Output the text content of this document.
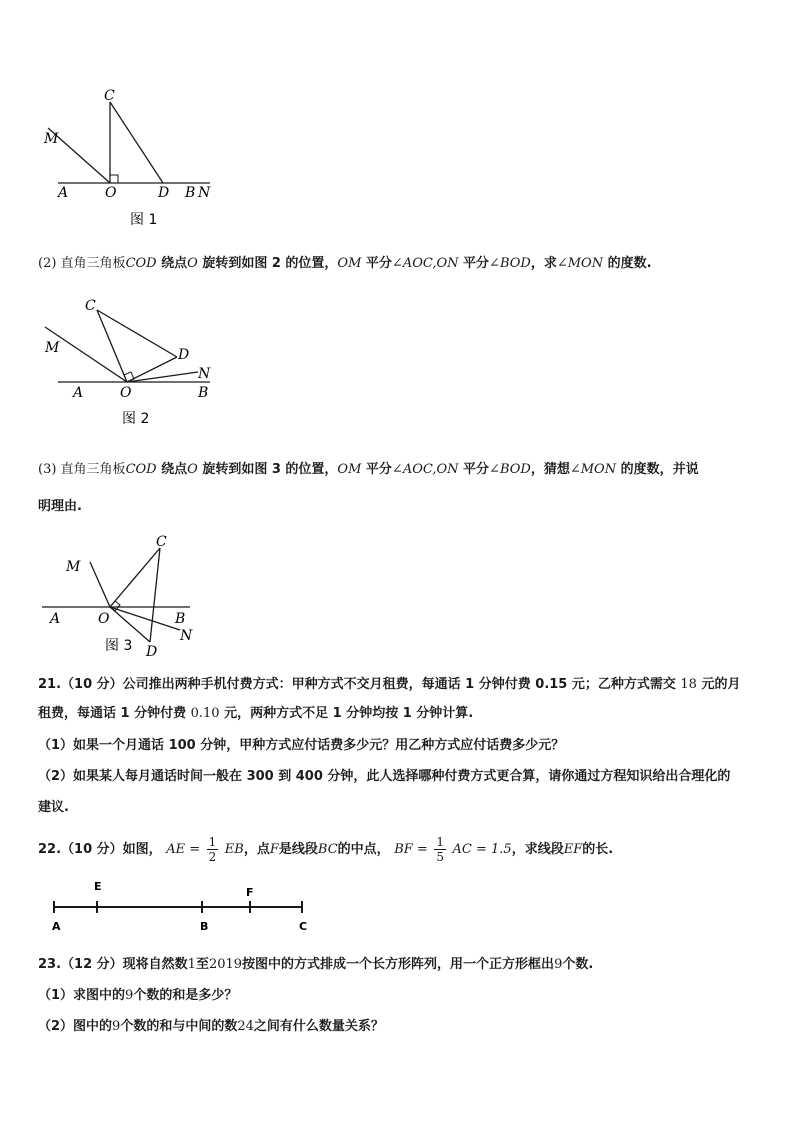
C
M
A	O	D B N
图 1
(2) 直角三角板COD 绕点O 旋转到如图 2 的位置，OM 平分∠AOC,ON 平分∠BOD，求∠MON 的度数.
C
M	D
N
A	O	B
图 2
(3) 直角三角板COD 绕点O 旋转到如图 3 的位置，OM 平分∠AOC,ON 平分∠BOD，猜想∠MON 的度数，并说
明理由.
C
M
A	O	B
N
D
图 3
21.（10 分）公司推出两种手机付费方式：甲种方式不交月租费，每通话 1 分钟付费 0.15 元；乙种方式需交 18 元的月
租费，每通话 1 分钟付费 0.10 元，两种方式不足 1 分钟均按 1 分钟计算.
（1）如果一个月通话 100 分钟，甲种方式应付话费多少元？用乙种方式应付话费多少元？
（2）如果某人每月通话时间一般在 300 到 400 分钟，此人选择哪种付费方式更合算，请你通过方程知识给出合理化的
建议.
22.（10 分）如图， AE = $\frac{1}{2}$ EB，点F是线段BC的中点， BF = $\frac{1}{5}$ AC = 1.5，求线段EF的长.
E	F
A	B	C
23.（12 分）现将自然数1至2019按图中的方式排成一个长方形阵列，用一个正方形框出9个数.
（1）求图中的9个数的和是多少？
（2）图中的9个数的和与中间的数24之间有什么数量关系？
